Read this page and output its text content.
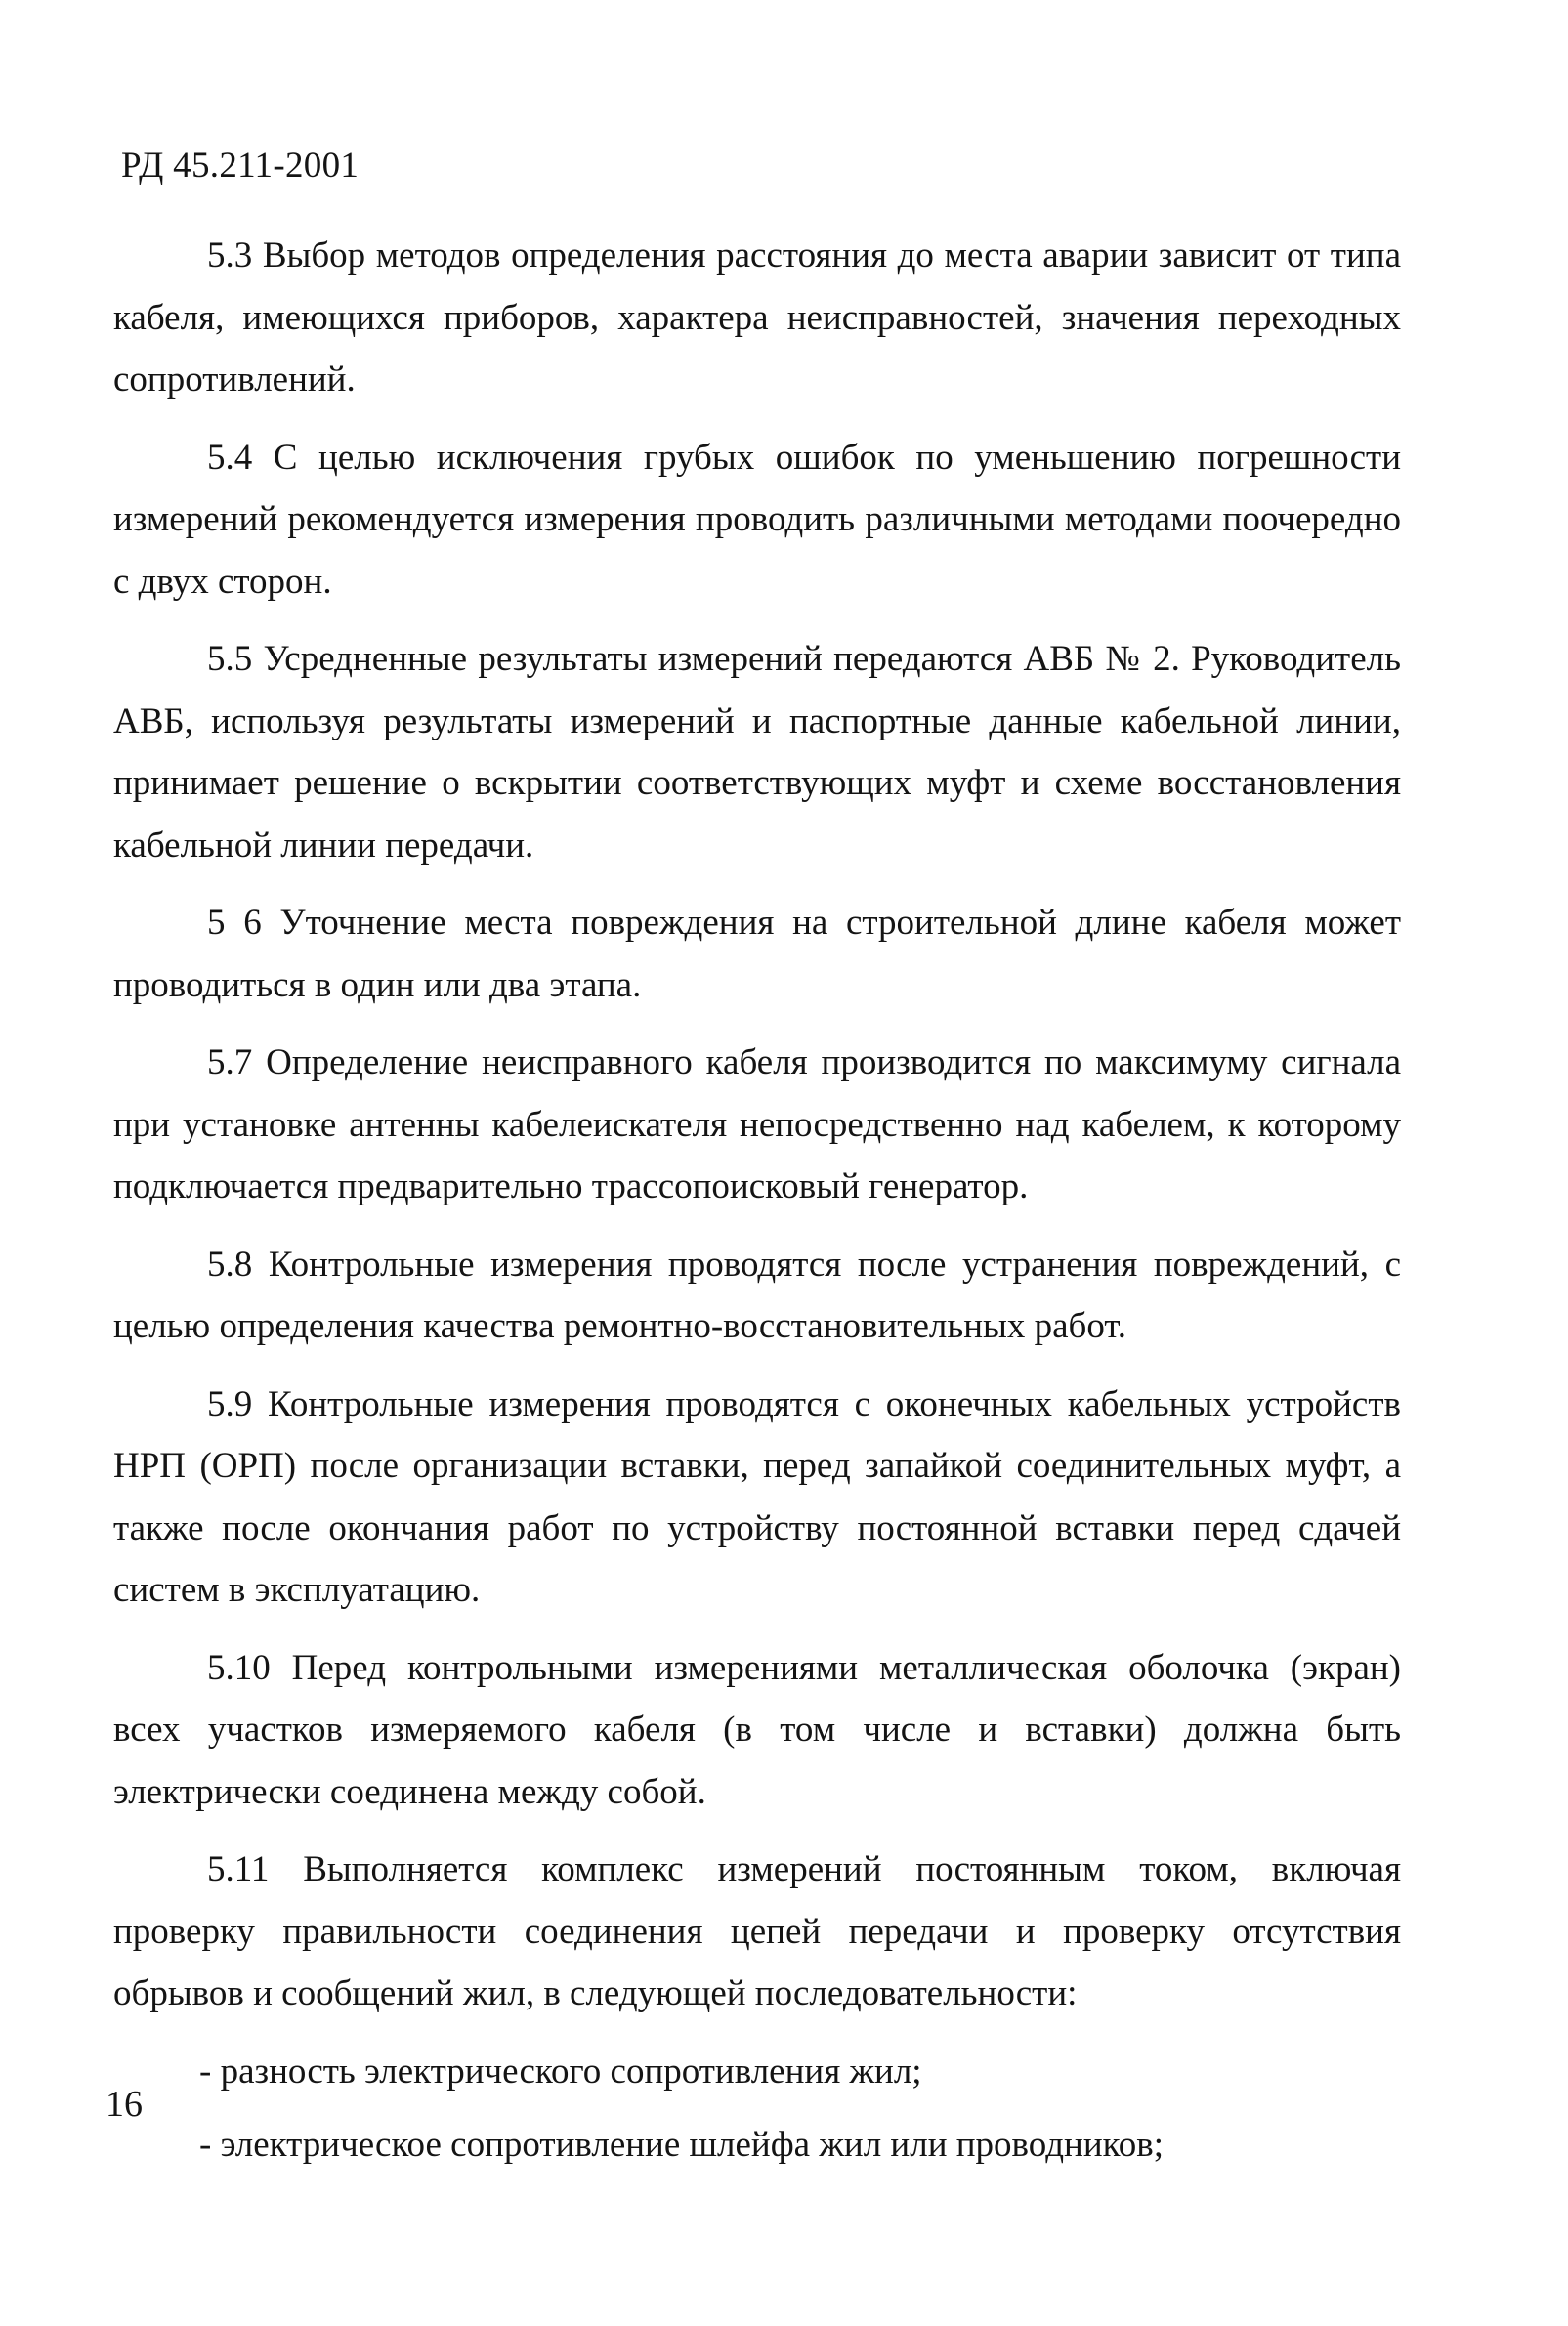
РД 45.211-2001

5.3 Выбор методов определения расстояния до места аварии зависит от типа кабеля, имеющихся приборов, характера неисправностей, значения переходных сопротивлений.

5.4 С целью исключения грубых ошибок по уменьшению погрешности измерений рекомендуется измерения проводить различными методами поочередно с двух сторон.

5.5 Усредненные результаты измерений передаются АВБ № 2. Руководитель АВБ, используя результаты измерений и паспортные данные кабельной линии, принимает решение о вскрытии соответствующих муфт и схеме восстановления кабельной линии передачи.

5 6 Уточнение места повреждения на строительной длине кабеля может проводиться в один или два этапа.

5.7 Определение неисправного кабеля производится по максимуму сигнала при установке антенны кабелеискателя непосредственно над кабелем, к которому подключается предварительно трассопоисковый генератор.

5.8 Контрольные измерения проводятся после устранения повреждений, с целью определения качества ремонтно-восстановительных работ.

5.9 Контрольные измерения проводятся с оконечных кабельных устройств НРП (ОРП) после организации вставки, перед запайкой соединительных муфт, а также после окончания работ по устройству постоянной вставки перед сдачей систем в эксплуатацию.

5.10 Перед контрольными измерениями металлическая оболочка (экран) всех участков измеряемого кабеля (в том числе и вставки) должна быть электрически соединена между собой.

5.11 Выполняется комплекс измерений постоянным током, включая проверку правильности соединения цепей передачи и проверку отсутствия обрывов и сообщений жил, в следующей последовательности:

- разность электрического сопротивления жил;

- электрическое сопротивление шлейфа жил или проводников;

16
